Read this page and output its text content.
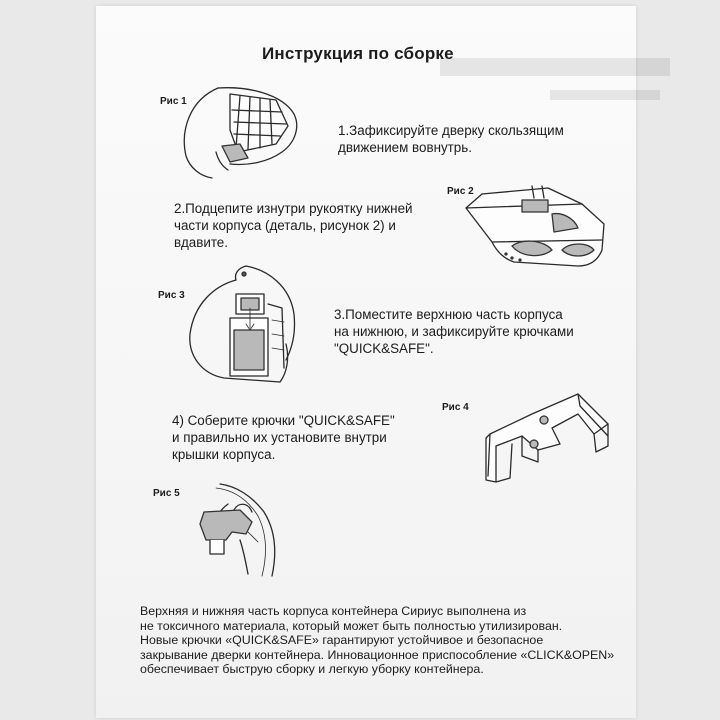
Инструкция по сборке
Рис 1
Рис 2
Рис 3
Рис 4
Рис 5
1.Зафиксируйте дверку скользящим
движением вовнутрь.
2.Подцепите изнутри рукоятку нижней
части корпуса (деталь, рисунок 2) и
вдавите.
3.Поместите верхнюю часть корпуса
на нижнюю, и зафиксируйте крючками
"QUICK&SAFE".
4) Соберите крючки "QUICK&SAFE"
и правильно их установите внутри
крышки корпуса.
Верхняя и нижняя часть корпуса контейнера Сириус выполнена из
не токсичного материала, который может быть полностью утилизирован.
Новые крючки «QUICK&SAFE» гарантируют устойчивое и безопасное
закрывание дверки контейнера. Инновационное приспособление «CLICK&OPEN»
обеспечивает быструю сборку и легкую уборку контейнера.
